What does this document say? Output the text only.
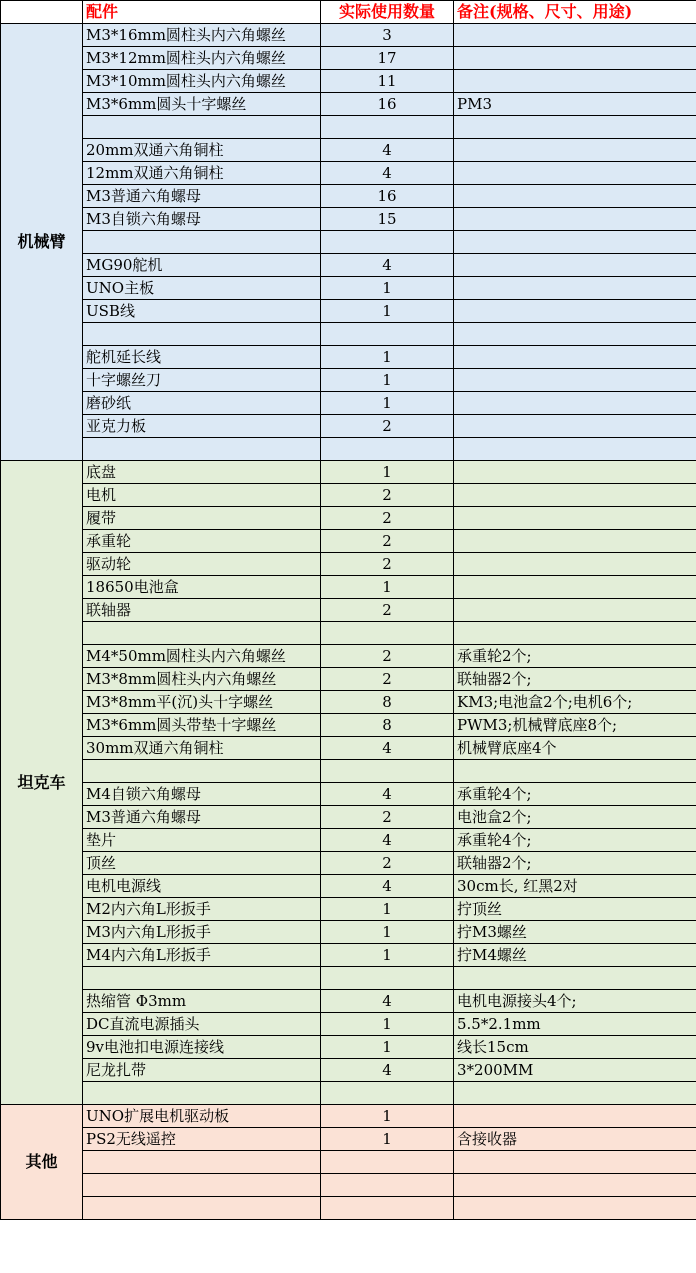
	配件	实际使用数量	备注(规格、尺寸、用途)
机械臂	M3*16mm圆柱头内六角螺丝	3	
	M3*12mm圆柱头内六角螺丝	17	
	M3*10mm圆柱头内六角螺丝	11	
	M3*6mm圆头十字螺丝	16	PM3

	20mm双通六角铜柱	4	
	12mm双通六角铜柱	4	
	M3普通六角螺母	16	
	M3自锁六角螺母	15	

	MG90舵机	4	
	UNO主板	1	
	USB线	1	

	舵机延长线	1	
	十字螺丝刀	1	
	磨砂纸	1	
	亚克力板	2	

坦克车	底盘	1	
	电机	2	
	履带	2	
	承重轮	2	
	驱动轮	2	
	18650电池盒	1	
	联轴器	2	

	M4*50mm圆柱头内六角螺丝	2	承重轮2个;
	M3*8mm圆柱头内六角螺丝	2	联轴器2个;
	M3*8mm平(沉)头十字螺丝	8	KM3;电池盒2个;电机6个;
	M3*6mm圆头带垫十字螺丝	8	PWM3;机械臂底座8个;
	30mm双通六角铜柱	4	机械臂底座4个

	M4自锁六角螺母	4	承重轮4个;
	M3普通六角螺母	2	电池盒2个;
	垫片	4	承重轮4个;
	顶丝	2	联轴器2个;
	电机电源线	4	30cm长, 红黑2对
	M2内六角L形扳手	1	拧顶丝
	M3内六角L形扳手	1	拧M3螺丝
	M4内六角L形扳手	1	拧M4螺丝

	热缩管 Φ3mm	4	电机电源接头4个;
	DC直流电源插头	1	5.5*2.1mm
	9v电池扣电源连接线	1	线长15cm
	尼龙扎带	4	3*200MM

其他	UNO扩展电机驱动板	1	
	PS2无线遥控	1	含接收器
